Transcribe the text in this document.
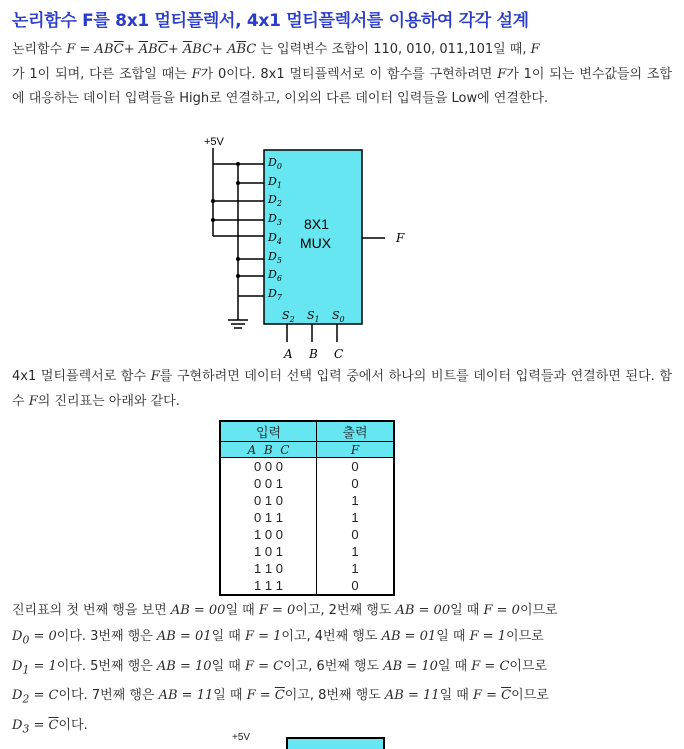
논리함수 F를 8x1 멀티플렉서, 4x1 멀티플렉서를 이용하여 각각 설계
논리함수 $F = AB\overline{C}+ \overline{A}B\overline{C}+ \overline{A}BC+ A\overline{B}C$ 는 입력변수 조합이 110, 010, 011,101일 때, F
가 1이 되며, 다른 조합일 때는 F가 0이다. 8x1 멀티플렉서로 이 함수를 구현하려면 F가 1이 되는 변수값들의 조합에 대응하는 데이터 입력들을 High로 연결하고, 이외의 다른 데이터 입력들을 Low에 연결한다.
+5V
$D_0$
$D_1$
$D_2$
$D_3$
$D_4$
$D_5$
$D_6$
$D_7$
8X1
MUX	F
$S_2$ $S_1$ $S_0$
A B C
4x1 멀티플렉서로 함수 F를 구현하려면 데이터 선택 입력 중에서 하나의 비트를 데이터 입력들과 연결하면 된다. 함수 F의 진리표는 아래와 같다.
입력	출력
A  B  C	F
0 0 0	0
0 0 1	0
0 1 0	1
0 1 1	1
1 0 0	0
1 0 1	1
1 1 0	1
1 1 1	0
진리표의 첫 번째 행을 보면 AB = 00일 때 F = 0이고, 2번째 행도 AB = 00일 때 F = 0이므로
$D_0 = 0$이다. 3번째 행은 AB = 01일 때 F = 1이고, 4번째 행도 AB = 01일 때 F = 1이므로
$D_1 = 1$이다. 5번째 행은 AB = 10일 때 F = C이고, 6번째 행도 AB = 10일 때 F = C이므로
$D_2 = C$이다. 7번째 행은 AB = 11일 때 $F = \overline{C}$이고, 8번째 행도 AB = 11일 때 $F = \overline{C}$이므로
$D_3 = \overline{C}$이다.
+5V
